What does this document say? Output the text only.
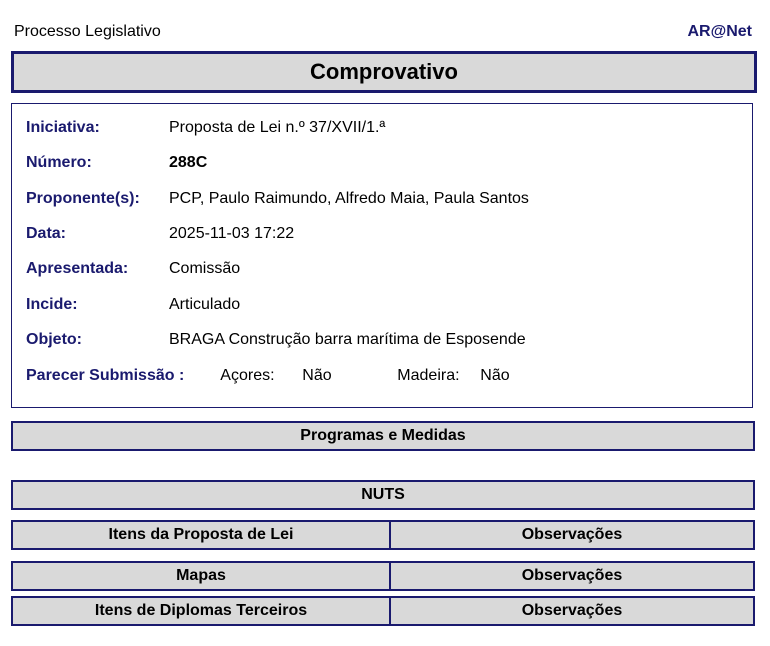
Processo Legislativo	AR@Net
Comprovativo
Iniciativa:	Proposta de Lei n.º 37/XVII/1.ª
Número:	288C
Proponente(s):	PCP, Paulo Raimundo, Alfredo Maia, Paula Santos
Data:	2025-11-03 17:22
Apresentada:	Comissão
Incide:	Articulado
Objeto:	BRAGA Construção barra marítima de Esposende
Parecer Submissão : Açores:	Não	Madeira:	Não
Programas e Medidas
NUTS
Itens da Proposta de Lei	Observações
Mapas	Observações
Itens de Diplomas Terceiros	Observações
